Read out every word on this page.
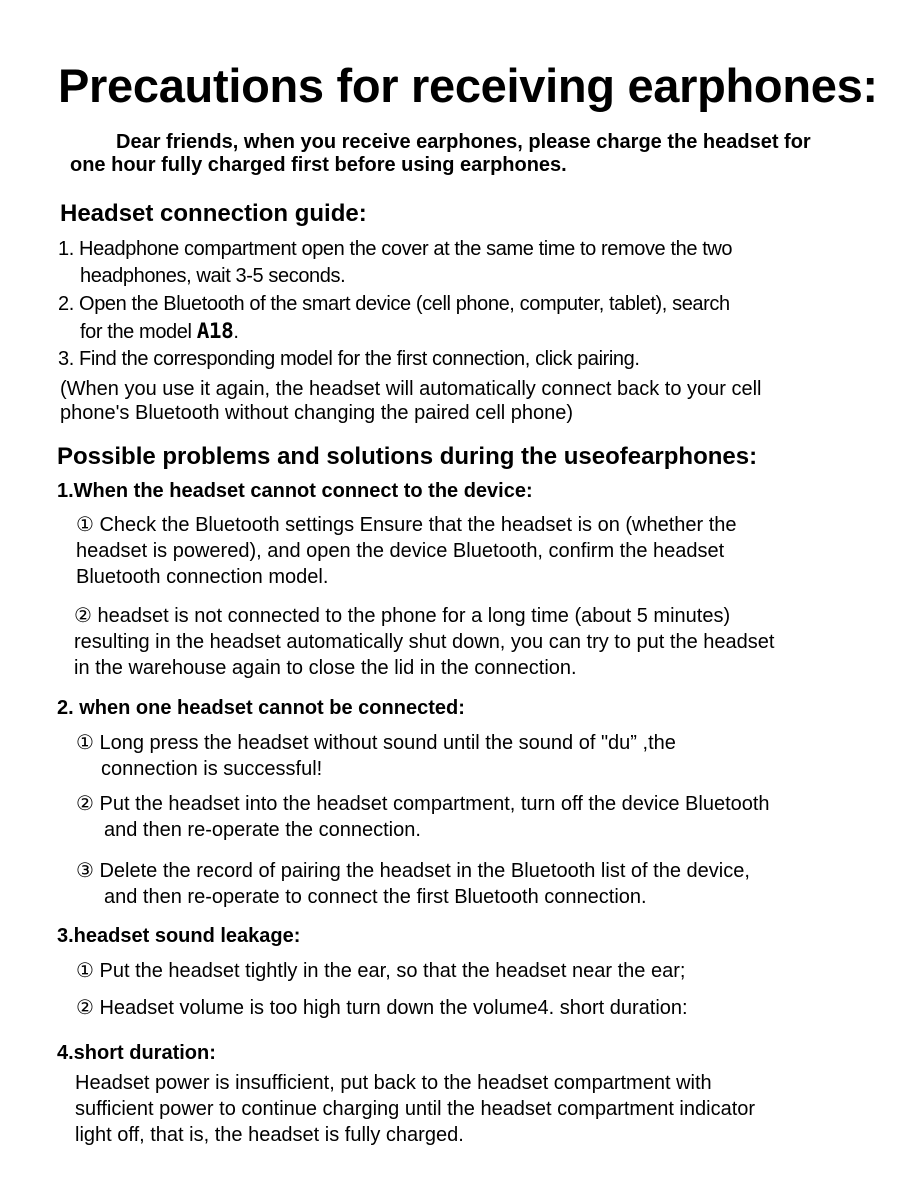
Precautions for receiving earphones:
Dear friends, when you receive earphones, please charge the headset for
one hour fully charged first before using earphones.
Headset connection guide:
1. Headphone compartment open the cover at the same time to remove the two
headphones, wait 3-5 seconds.
2. Open the Bluetooth of the smart device (cell phone, computer, tablet), search
for the model A18.
3. Find the corresponding model for the first connection, click pairing.
(When you use it again, the headset will automatically connect back to your cell
phone's Bluetooth without changing the paired cell phone)
Possible problems and solutions during the useofearphones:
1.When the headset cannot connect to the device:
① Check the Bluetooth settings Ensure that the headset is on (whether the
headset is powered), and open the device Bluetooth, confirm the headset
Bluetooth connection model.
② headset is not connected to the phone for a long time (about 5 minutes)
resulting in the headset automatically shut down, you can try to put the headset
in the warehouse again to close the lid in the connection.
2. when one headset cannot be connected:
① Long press the headset without sound until the sound of "du” ,the
connection is successful!
② Put the headset into the headset compartment, turn off the device Bluetooth
and then re-operate the connection.
③ Delete the record of pairing the headset in the Bluetooth list of the device,
and then re-operate to connect the first Bluetooth connection.
3.headset sound leakage:
① Put the headset tightly in the ear, so that the headset near the ear;
② Headset volume is too high turn down the volume4. short duration:
4.short duration:
Headset power is insufficient, put back to the headset compartment with
sufficient power to continue charging until the headset compartment indicator
light off, that is, the headset is fully charged.
